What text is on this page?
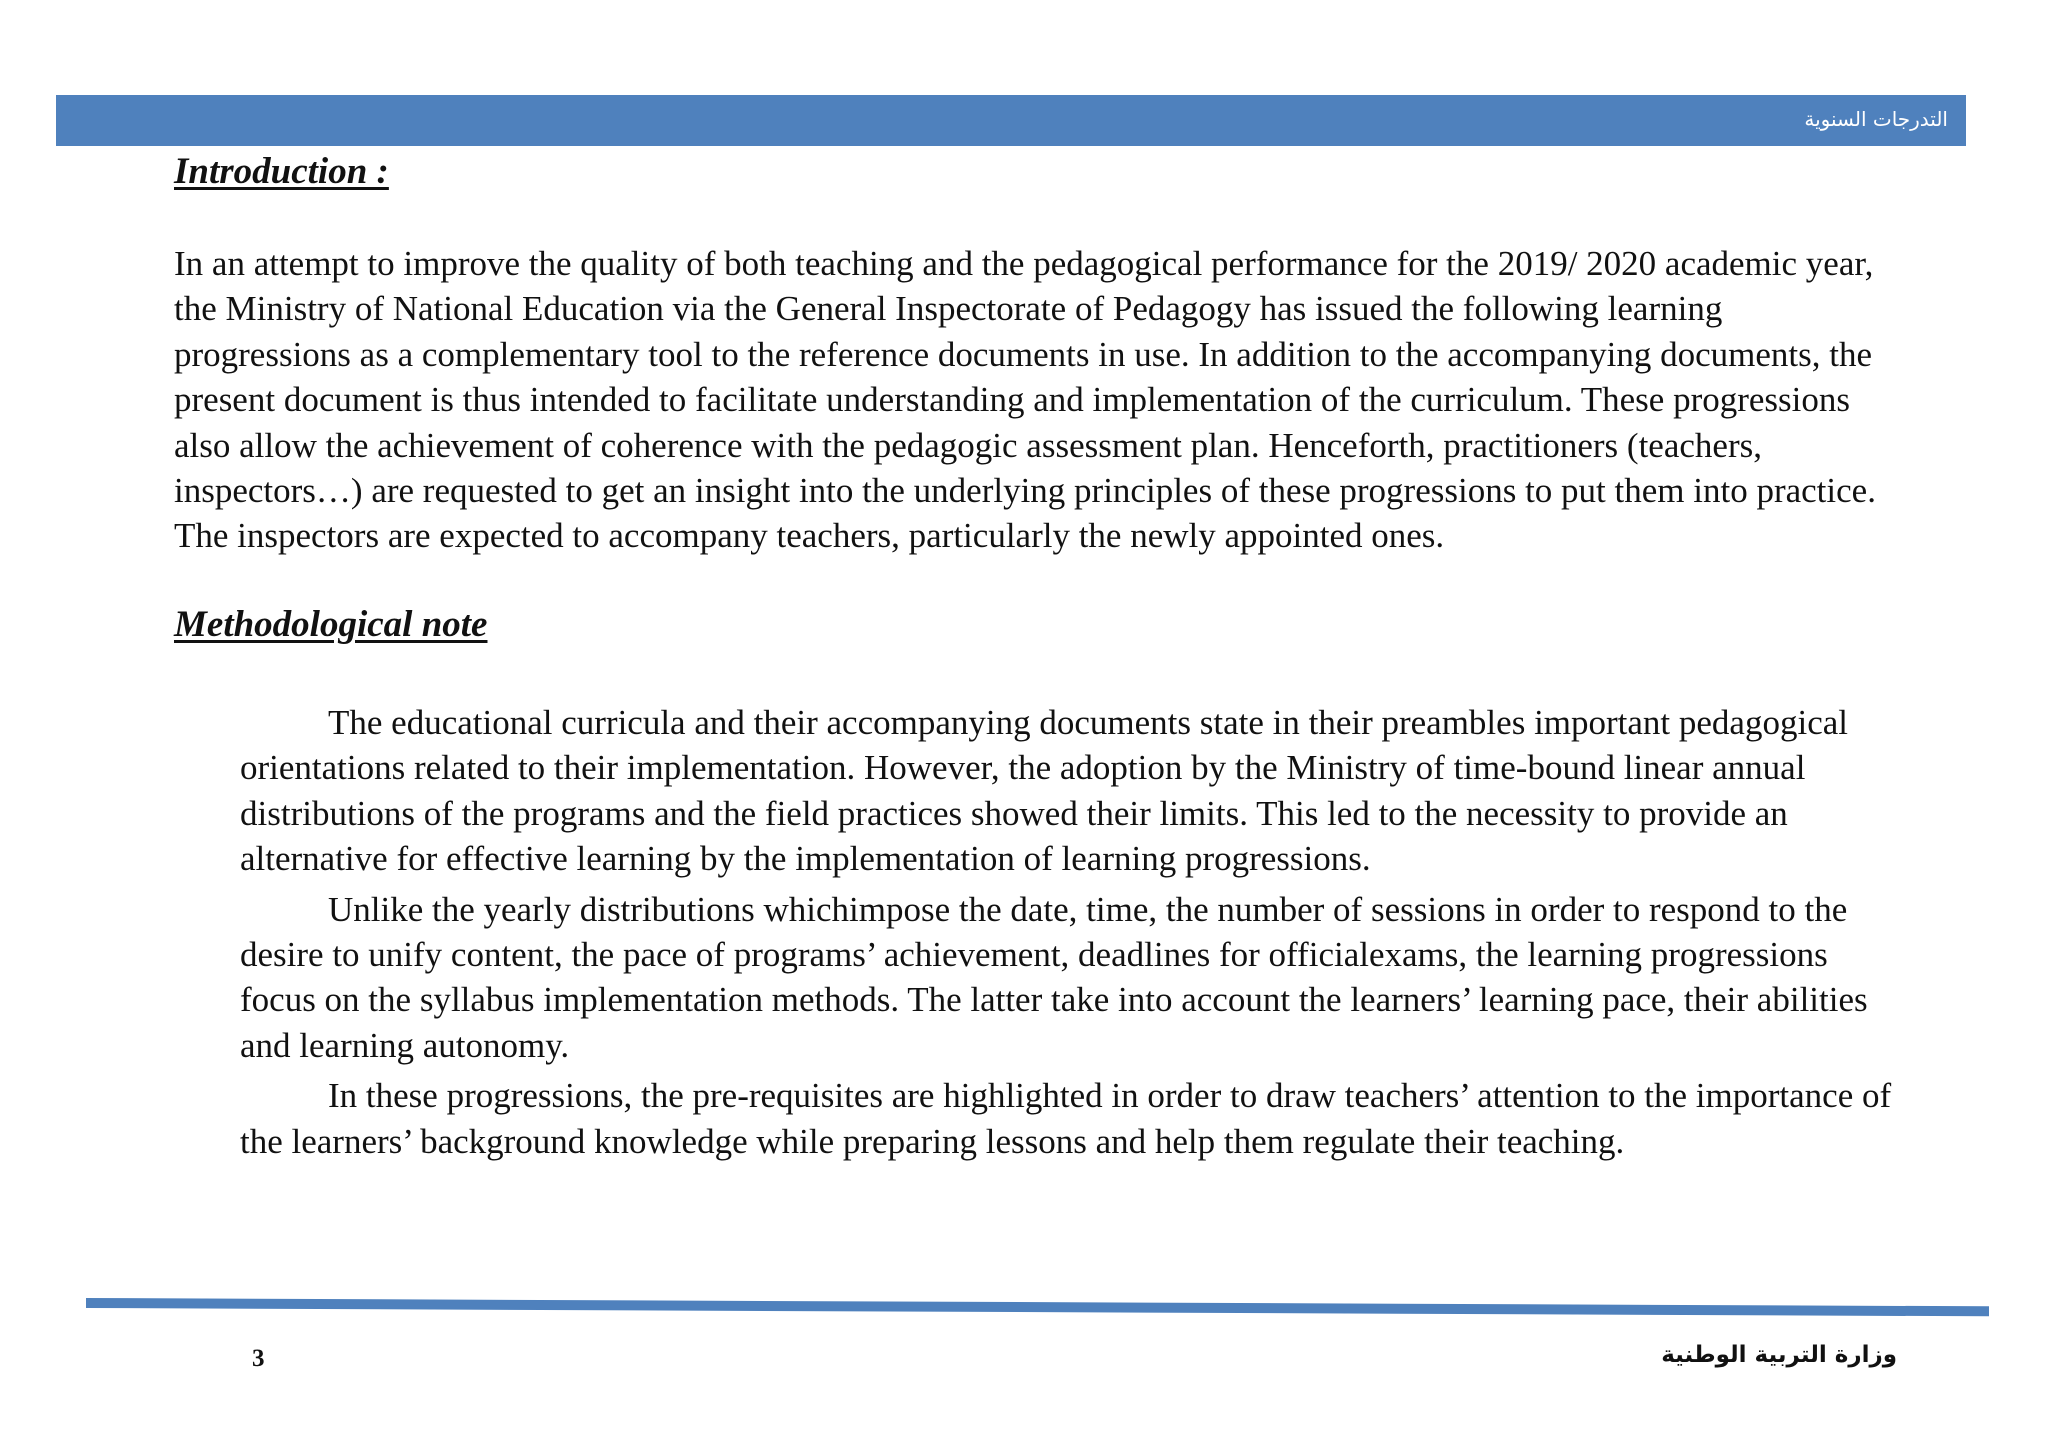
التدرجات السنوية
Introduction :

In an attempt to improve the quality of both teaching and the pedagogical performance for the 2019/ 2020 academic year, the Ministry of National Education via the General Inspectorate of Pedagogy has issued the following learning progressions as a complementary tool to the reference documents in use. In addition to the accompanying documents, the present document is thus intended to facilitate understanding and implementation of the curriculum. These progressions also allow the achievement of coherence with the pedagogic assessment plan. Henceforth, practitioners (teachers, inspectors…) are requested to get an insight into the underlying principles of these progressions to put them into practice. The inspectors are expected to accompany teachers, particularly the newly appointed ones.

Methodological note

The educational curricula and their accompanying documents state in their preambles important pedagogical orientations related to their implementation. However, the adoption by the Ministry of time-bound linear annual distributions of the programs and the field practices showed their limits. This led to the necessity to provide an alternative for effective learning by the implementation of learning progressions.

Unlike the yearly distributions whichimpose the date, time, the number of sessions in order to respond to the desire to unify content, the pace of programs’ achievement, deadlines for officialexams, the learning progressions focus on the syllabus implementation methods. The latter take into account the learners’ learning pace, their abilities and learning autonomy.

In these progressions, the pre-requisites are highlighted in order to draw teachers’ attention to the importance of the learners’ background knowledge while preparing lessons and help them regulate their teaching.

3	وزارة التربية الوطنية
